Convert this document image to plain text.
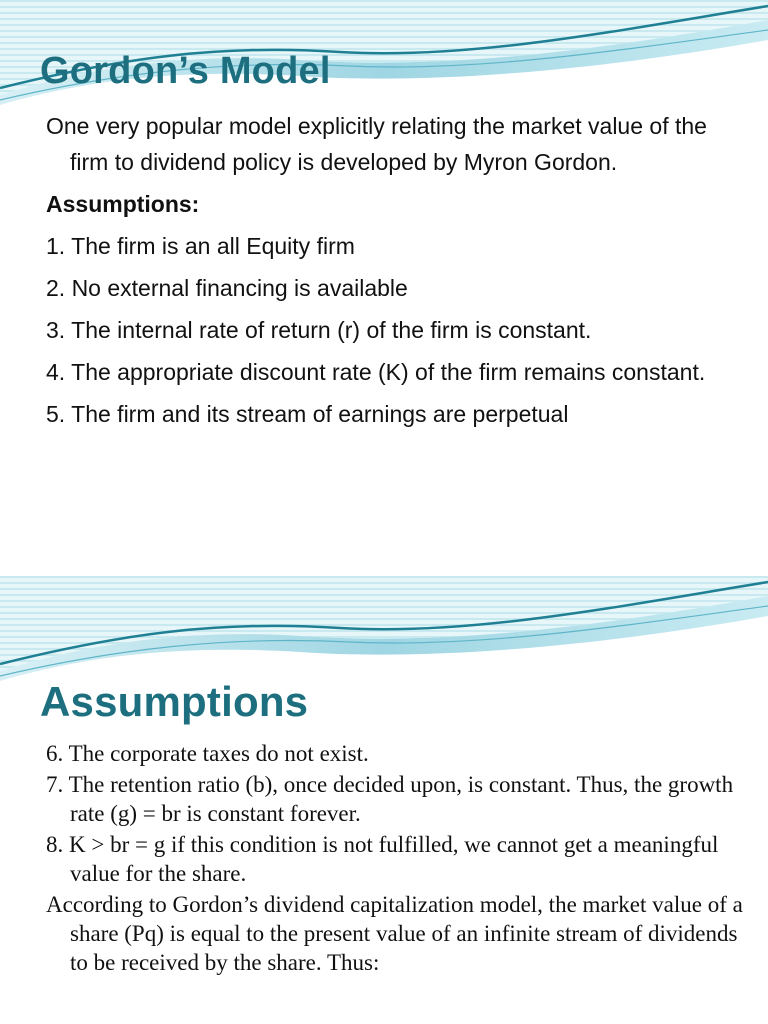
Gordon’s Model

One very popular model explicitly relating the market value of the firm to dividend policy is developed by Myron Gordon.

Assumptions:

1. The firm is an all Equity firm

2. No external financing is available

3. The internal rate of return (r) of the firm is constant.

4. The appropriate discount rate (K) of the firm remains constant.

5. The firm and its stream of earnings are perpetual

Assumptions

6. The corporate taxes do not exist.

7. The retention ratio (b), once decided upon, is constant. Thus, the growth rate (g) = br is constant forever.

8. K > br = g if this condition is not fulfilled, we cannot get a meaningful value for the share.

According to Gordon’s dividend capitalization model, the market value of a share (Pq) is equal to the present value of an infinite stream of dividends to be received by the share. Thus:
